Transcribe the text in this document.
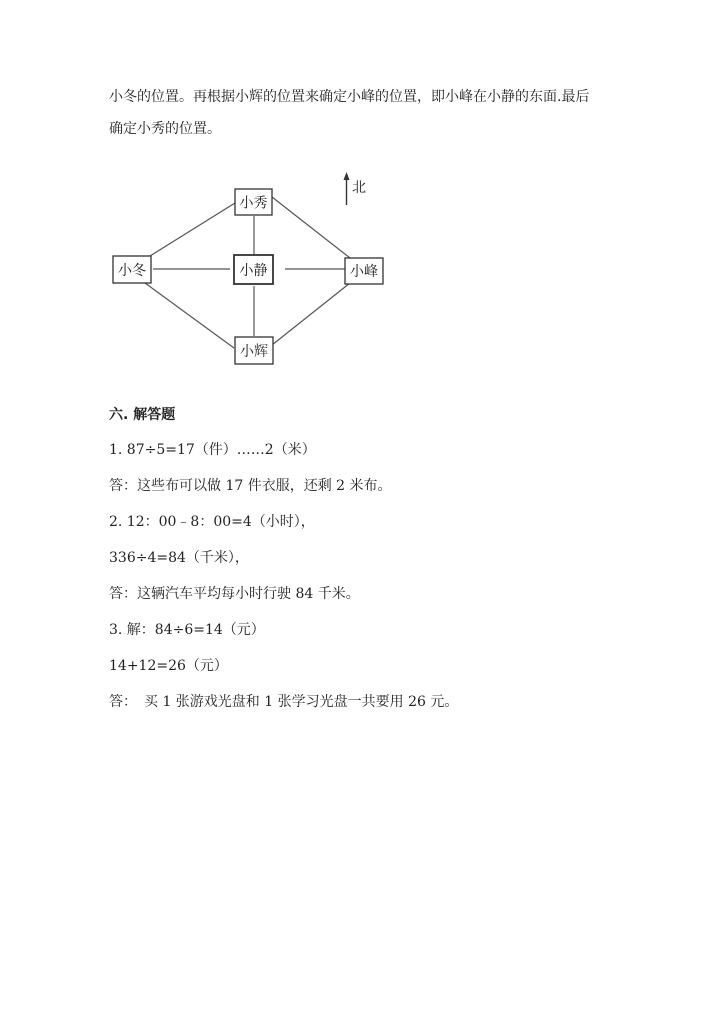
小冬的位置。再根据小辉的位置来确定小峰的位置，即小峰在小静的东面.最后
确定小秀的位置。
小秀
小冬	小静	小峰
小辉
北
六. 解答题
1. 87÷5=17（件）……2（米）
答：这些布可以做 17 件衣服，还剩 2 米布。
2. 12：00﹣8：00=4（小时），
336÷4=84（千米），
答：这辆汽车平均每小时行驶 84 千米。
3. 解：84÷6=14（元）
14+12=26（元）
答：　买 1 张游戏光盘和 1 张学习光盘一共要用 26 元。
